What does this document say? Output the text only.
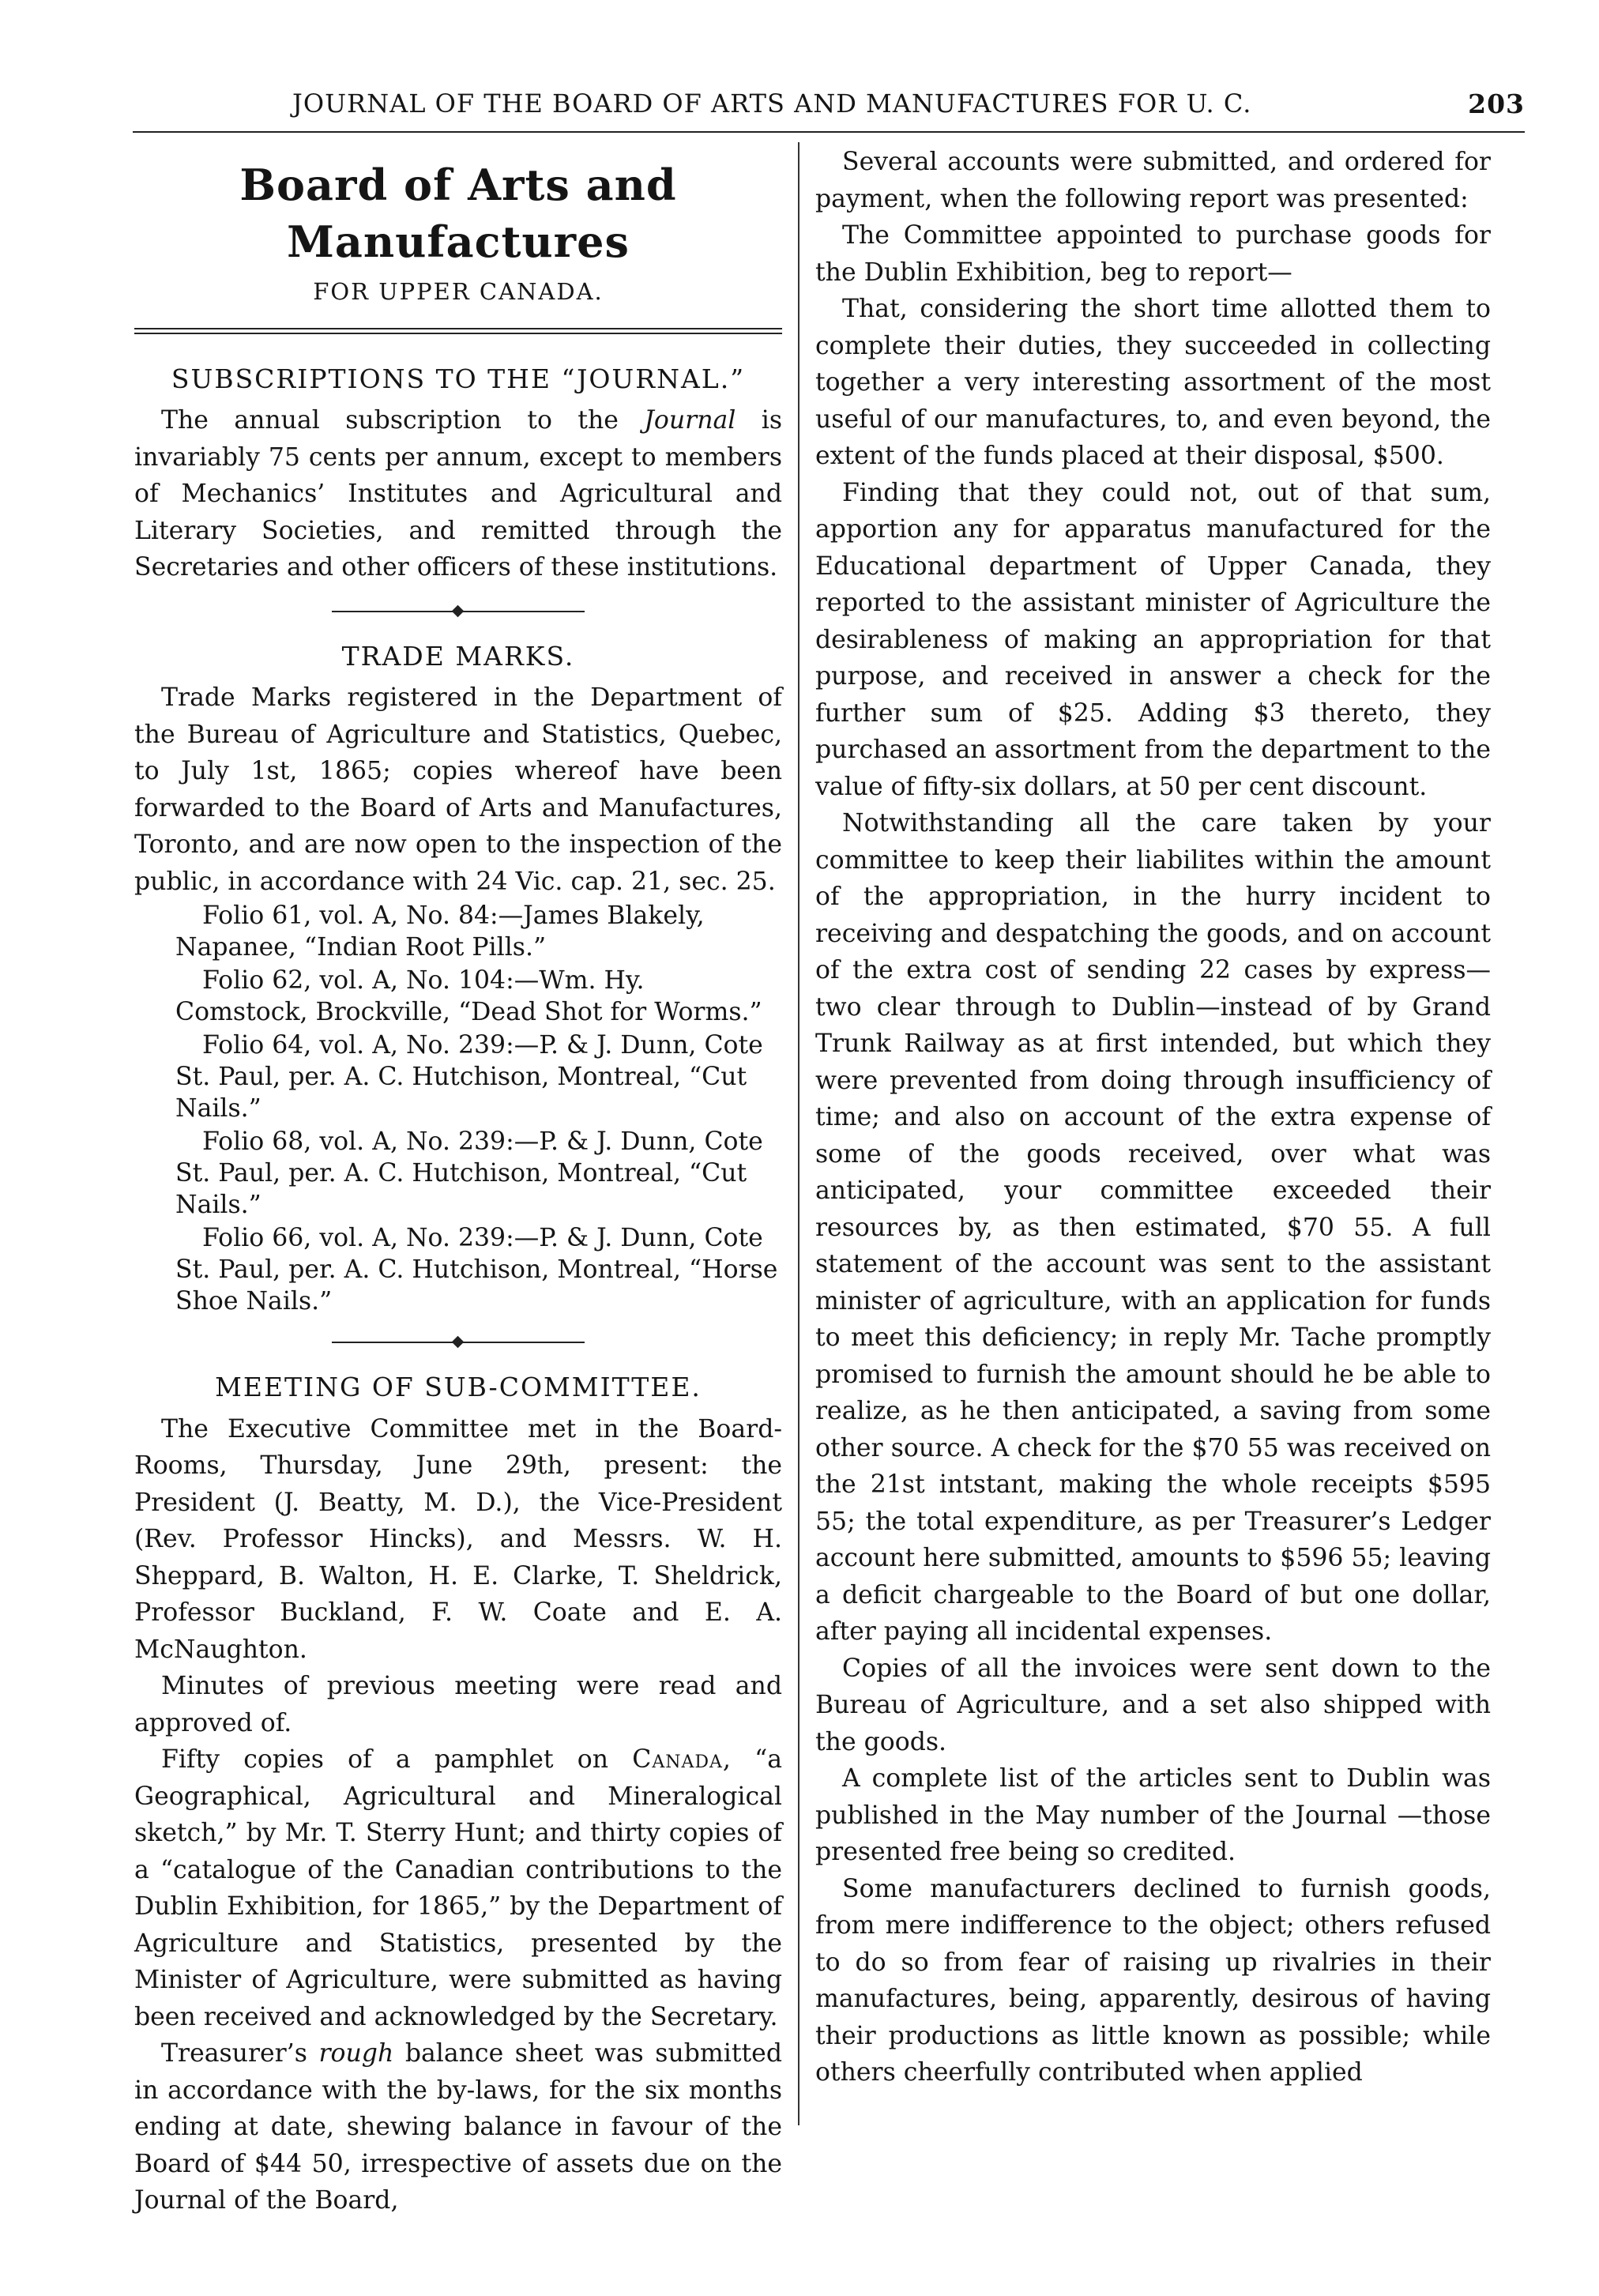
JOURNAL OF THE BOARD OF ARTS AND MANUFACTURES FOR U. C.	203
Board of Arts and Manufactures
FOR UPPER CANADA.
SUBSCRIPTIONS TO THE “JOURNAL.”

The annual subscription to the Journal is invariably 75 cents per annum, except to members of Mechanics’ Institutes and Agricultural and Literary Societies, and remitted through the Secretaries and other officers of these institutions.

TRADE MARKS.

Trade Marks registered in the Department of the Bureau of Agriculture and Statistics, Quebec, to July 1st, 1865; copies whereof have been forwarded to the Board of Arts and Manufactures, Toronto, and are now open to the inspection of the public, in accordance with 24 Vic. cap. 21, sec. 25.

Folio 61, vol. A, No. 84:—James Blakely, Napanee, “Indian Root Pills.”

Folio 62, vol. A, No. 104:—Wm. Hy. Comstock, Brockville, “Dead Shot for Worms.”

Folio 64, vol. A, No. 239:—P. & J. Dunn, Cote St. Paul, per. A. C. Hutchison, Montreal, “Cut Nails.”

Folio 68, vol. A, No. 239:—P. & J. Dunn, Cote St. Paul, per. A. C. Hutchison, Montreal, “Cut Nails.”

Folio 66, vol. A, No. 239:—P. & J. Dunn, Cote St. Paul, per. A. C. Hutchison, Montreal, “Horse Shoe Nails.”

MEETING OF SUB-COMMITTEE.

The Executive Committee met in the Board-Rooms, Thursday, June 29th, present: the President (J. Beatty, M. D.), the Vice-President (Rev. Professor Hincks), and Messrs. W. H. Sheppard, B. Walton, H. E. Clarke, T. Sheldrick, Professor Buckland, F. W. Coate and E. A. McNaughton.

Minutes of previous meeting were read and approved of.

Fifty copies of a pamphlet on Canada, “a Geographical, Agricultural and Mineralogical sketch,” by Mr. T. Sterry Hunt; and thirty copies of a “catalogue of the Canadian contributions to the Dublin Exhibition, for 1865,” by the Department of Agriculture and Statistics, presented by the Minister of Agriculture, were submitted as having been received and acknowledged by the Secretary.

Treasurer’s rough balance sheet was submitted in accordance with the by-laws, for the six months ending at date, shewing balance in favour of the Board of $44 50, irrespective of assets due on the Journal of the Board,

Several accounts were submitted, and ordered for payment, when the following report was presented:

The Committee appointed to purchase goods for the Dublin Exhibition, beg to report—

That, considering the short time allotted them to complete their duties, they succeeded in collecting together a very interesting assortment of the most useful of our manufactures, to, and even beyond, the extent of the funds placed at their disposal, $500.

Finding that they could not, out of that sum, apportion any for apparatus manufactured for the Educational department of Upper Canada, they reported to the assistant minister of Agriculture the desirableness of making an appropriation for that purpose, and received in answer a check for the further sum of $25. Adding $3 thereto, they purchased an assortment from the department to the value of fifty-six dollars, at 50 per cent discount.

Notwithstanding all the care taken by your committee to keep their liabilites within the amount of the appropriation, in the hurry incident to receiving and despatching the goods, and on account of the extra cost of sending 22 cases by express—two clear through to Dublin—instead of by Grand Trunk Railway as at first intended, but which they were prevented from doing through insufficiency of time; and also on account of the extra expense of some of the goods received, over what was anticipated, your committee exceeded their resources by, as then estimated, $70 55. A full statement of the account was sent to the assistant minister of agriculture, with an application for funds to meet this deficiency; in reply Mr. Tache promptly promised to furnish the amount should he be able to realize, as he then anticipated, a saving from some other source. A check for the $70 55 was received on the 21st intstant, making the whole receipts $595 55; the total expenditure, as per Treasurer’s Ledger account here submitted, amounts to $596 55; leaving a deficit chargeable to the Board of but one dollar, after paying all incidental expenses.

Copies of all the invoices were sent down to the Bureau of Agriculture, and a set also shipped with the goods.

A complete list of the articles sent to Dublin was published in the May number of the Journal —those presented free being so credited.

Some manufacturers declined to furnish goods, from mere indifference to the object; others refused to do so from fear of raising up rivalries in their manufactures, being, apparently, desirous of having their productions as little known as possible; while others cheerfully contributed when applied
